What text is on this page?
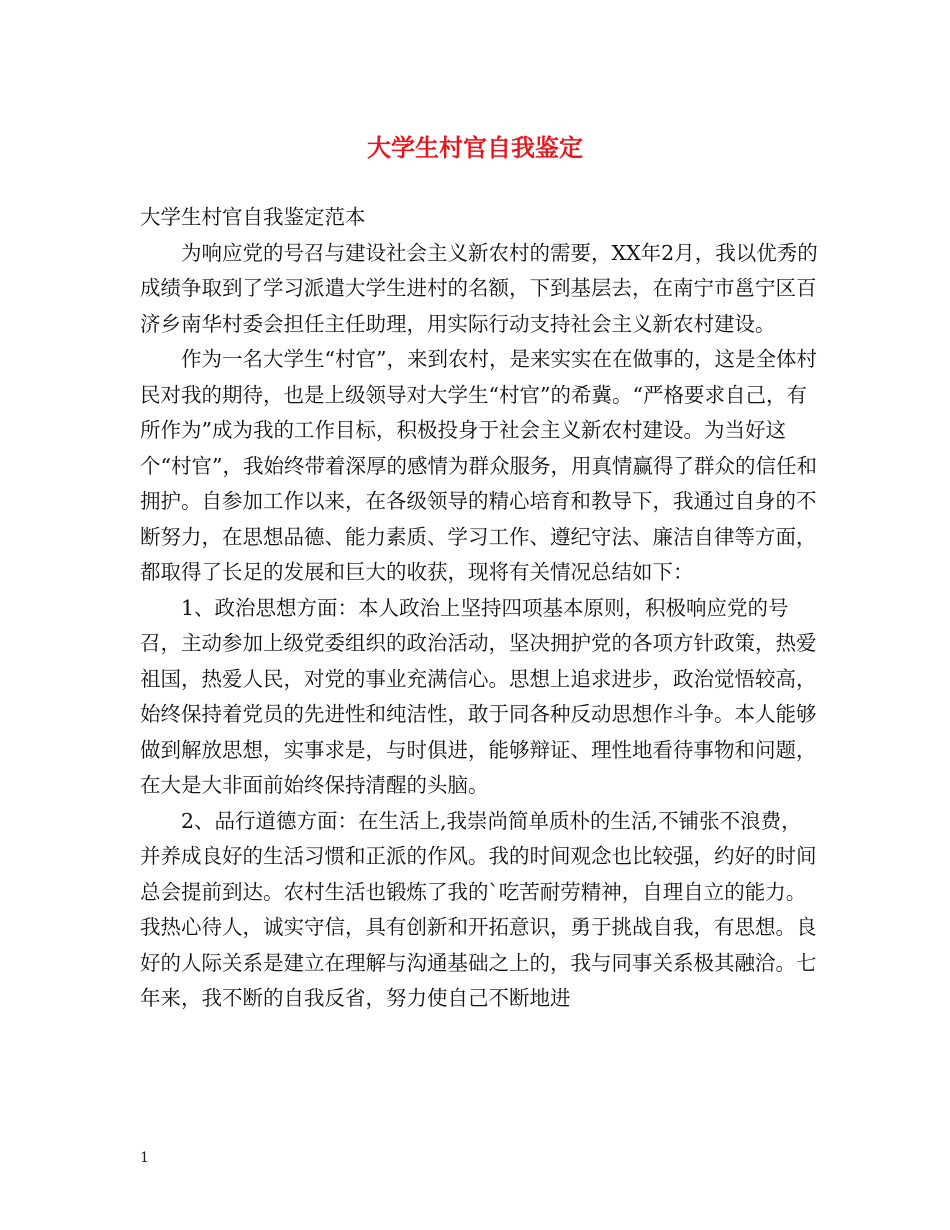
大学生村官自我鉴定

大学生村官自我鉴定范本

为响应党的号召与建设社会主义新农村的需要，XX年2月，我以优秀的成绩争取到了学习派遣大学生进村的名额，下到基层去，在南宁市邕宁区百济乡南华村委会担任主任助理，用实际行动支持社会主义新农村建设。

作为一名大学生“村官”，来到农村，是来实实在在做事的，这是全体村民对我的期待，也是上级领导对大学生“村官”的希冀。“严格要求自己，有所作为”成为我的工作目标，积极投身于社会主义新农村建设。为当好这个“村官”，我始终带着深厚的感情为群众服务，用真情赢得了群众的信任和拥护。自参加工作以来，在各级领导的精心培育和教导下，我通过自身的不断努力，在思想品德、能力素质、学习工作、遵纪守法、廉洁自律等方面，都取得了长足的发展和巨大的收获，现将有关情况总结如下：

1、政治思想方面：本人政治上坚持四项基本原则，积极响应党的号召，主动参加上级党委组织的政治活动，坚决拥护党的各项方针政策，热爱祖国，热爱人民，对党的事业充满信心。思想上追求进步，政治觉悟较高，始终保持着党员的先进性和纯洁性，敢于同各种反动思想作斗争。本人能够做到解放思想，实事求是，与时俱进，能够辩证、理性地看待事物和问题，在大是大非面前始终保持清醒的头脑。

2、品行道德方面：在生活上,我崇尚简单质朴的生活,不铺张不浪费，并养成良好的生活习惯和正派的作风。我的时间观念也比较强，约好的时间总会提前到达。农村生活也锻炼了我的`吃苦耐劳精神，自理自立的能力。我热心待人，诚实守信，具有创新和开拓意识，勇于挑战自我，有思想。良好的人际关系是建立在理解与沟通基础之上的，我与同事关系极其融洽。七年来，我不断的自我反省，努力使自己不断地进

1
